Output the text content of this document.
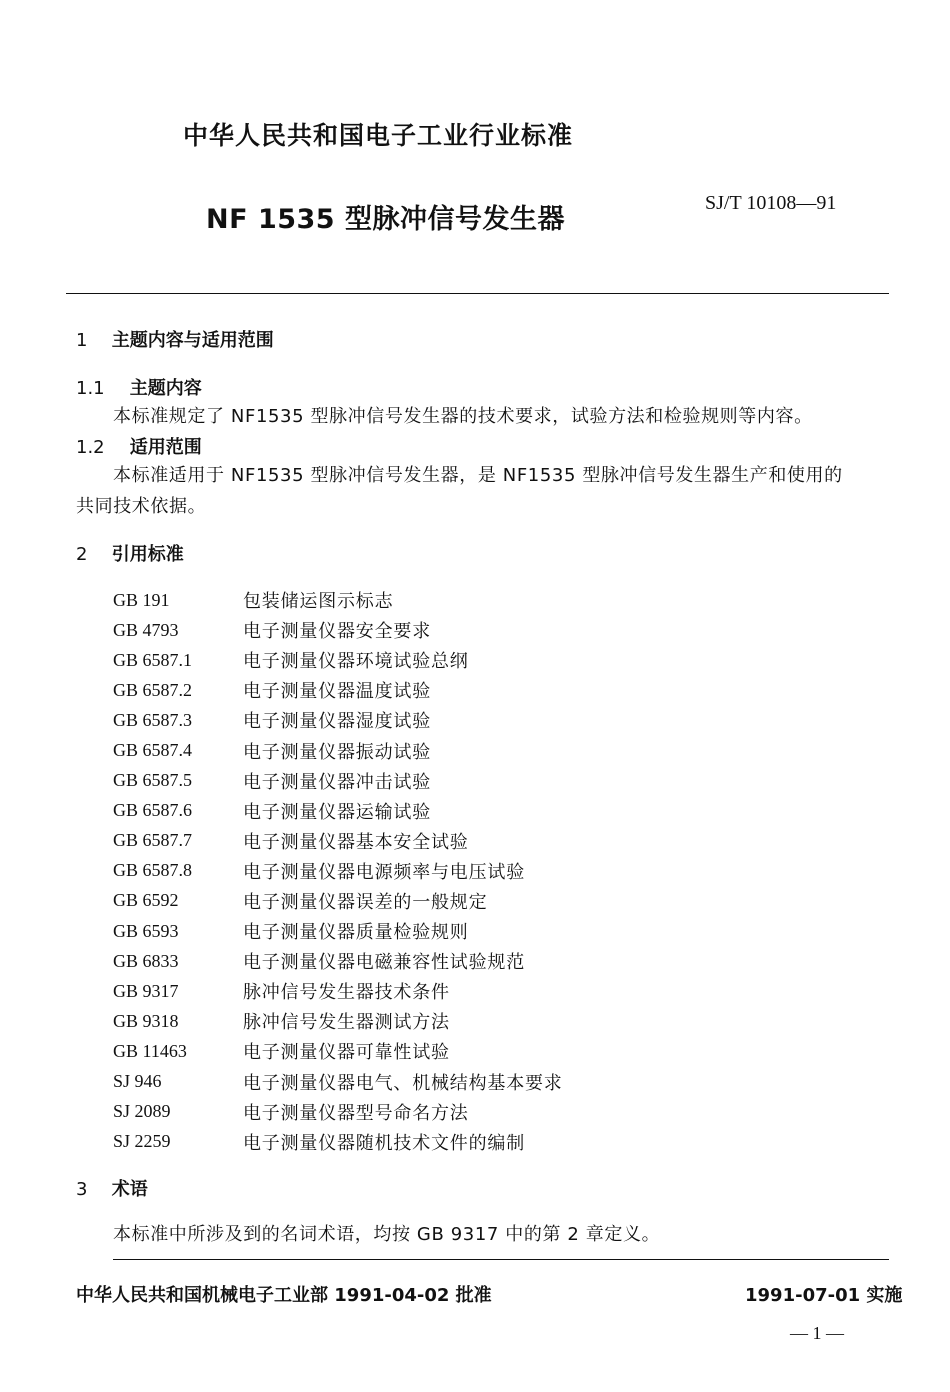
中华人民共和国电子工业行业标准
NF 1535 型脉冲信号发生器
SJ/T 10108—91
1 主题内容与适用范围
1.1 主题内容
本标准规定了 NF1535 型脉冲信号发生器的技术要求，试验方法和检验规则等内容。
1.2 适用范围
本标准适用于 NF1535 型脉冲信号发生器，是 NF1535 型脉冲信号发生器生产和使用的
共同技术依据。
2 引用标准
GB 191	包装储运图示标志
GB 4793	电子测量仪器安全要求
GB 6587.1	电子测量仪器环境试验总纲
GB 6587.2	电子测量仪器温度试验
GB 6587.3	电子测量仪器湿度试验
GB 6587.4	电子测量仪器振动试验
GB 6587.5	电子测量仪器冲击试验
GB 6587.6	电子测量仪器运输试验
GB 6587.7	电子测量仪器基本安全试验
GB 6587.8	电子测量仪器电源频率与电压试验
GB 6592	电子测量仪器误差的一般规定
GB 6593	电子测量仪器质量检验规则
GB 6833	电子测量仪器电磁兼容性试验规范
GB 9317	脉冲信号发生器技术条件
GB 9318	脉冲信号发生器测试方法
GB 11463	电子测量仪器可靠性试验
SJ 946	电子测量仪器电气、机械结构基本要求
SJ 2089	电子测量仪器型号命名方法
SJ 2259	电子测量仪器随机技术文件的编制
3 术语
本标准中所涉及到的名词术语，均按 GB 9317 中的第 2 章定义。
中华人民共和国机械电子工业部 1991-04-02 批准	1991-07-01 实施
— 1 —
